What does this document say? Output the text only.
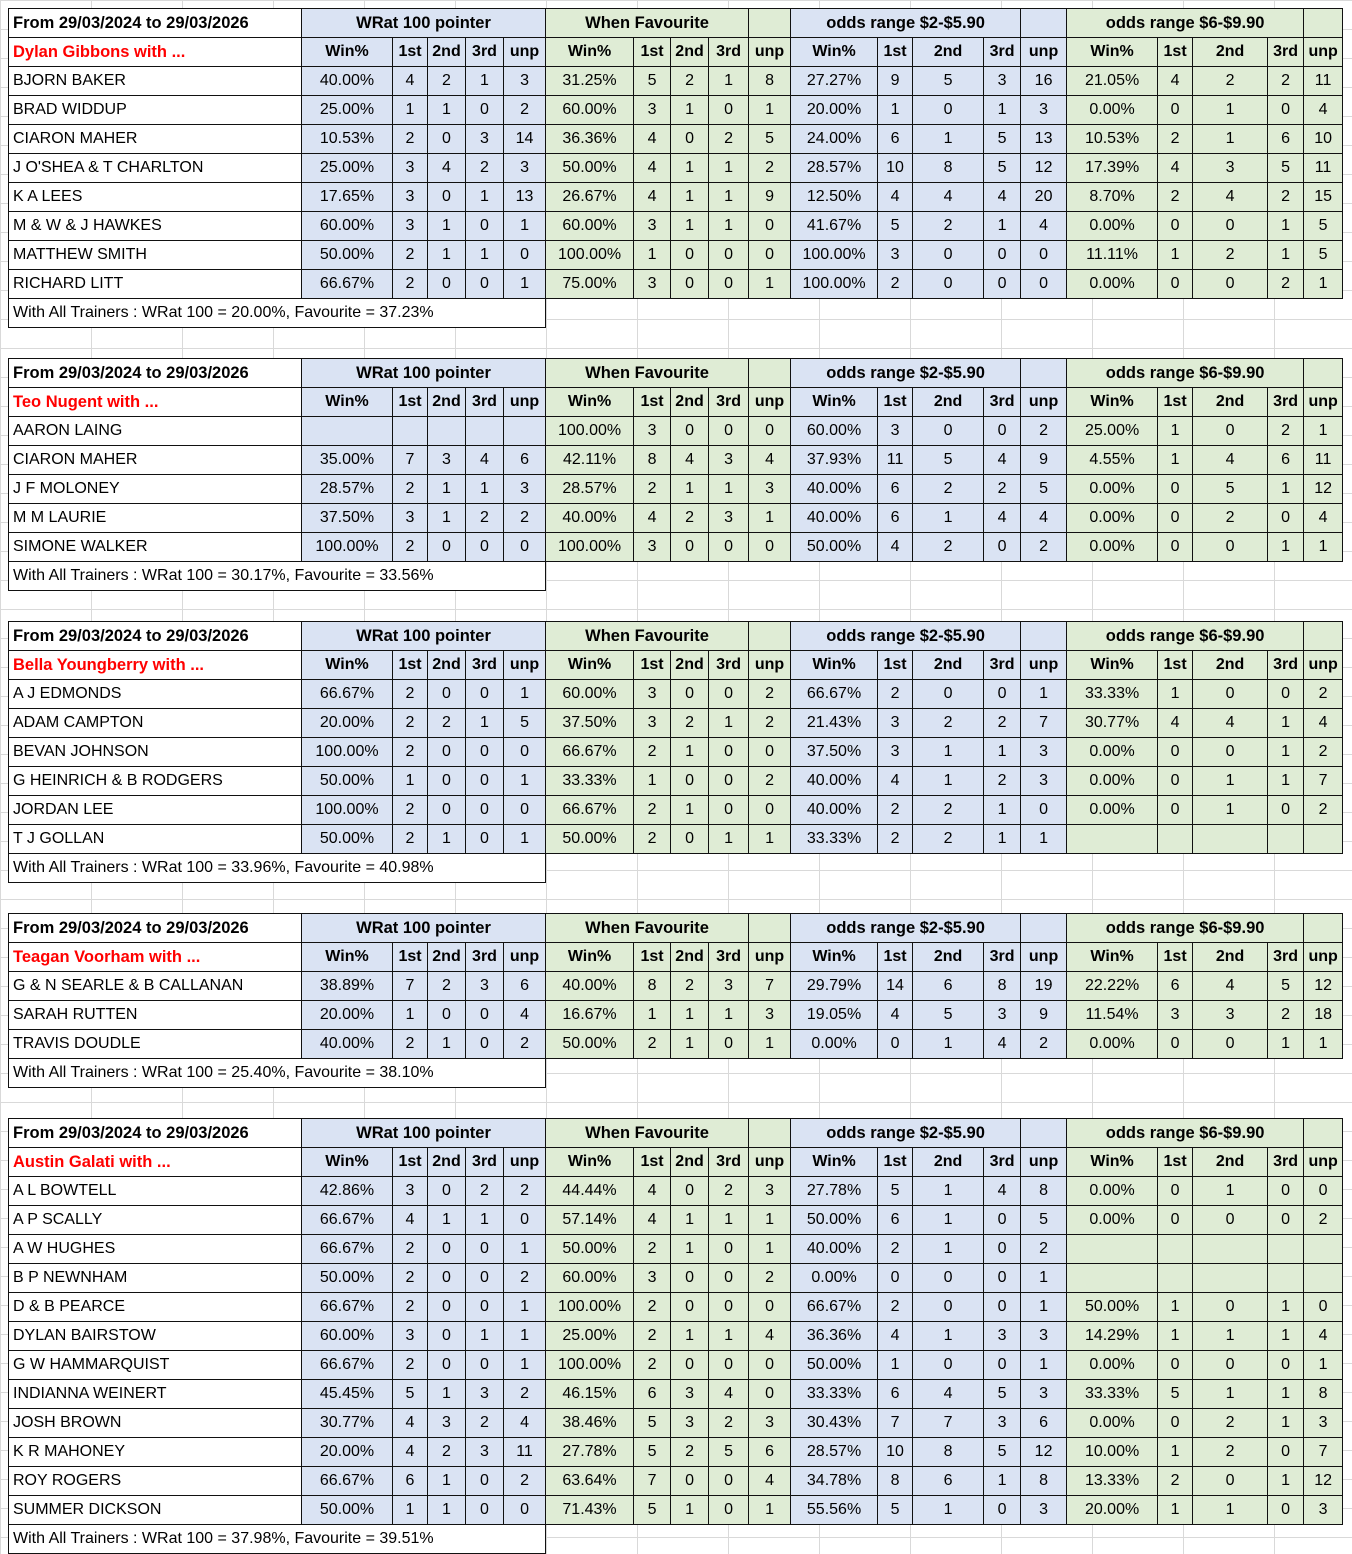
From 29/03/2024 to 29/03/2026	WRat 100 pointer					When Favourite					odds range $2-$5.90					odds range $6-$9.90				
Dylan Gibbons with ...	Win%	1st	2nd	3rd	unp	Win%	1st	2nd	3rd	unp	Win%	1st	2nd	3rd	unp	Win%	1st	2nd	3rd	unp
BJORN BAKER	40.00%	4	2	1	3	31.25%	5	2	1	8	27.27%	9	5	3	16	21.05%	4	2	2	11
BRAD WIDDUP	25.00%	1	1	0	2	60.00%	3	1	0	1	20.00%	1	0	1	3	0.00%	0	1	0	4
CIARON MAHER	10.53%	2	0	3	14	36.36%	4	0	2	5	24.00%	6	1	5	13	10.53%	2	1	6	10
J O'SHEA & T CHARLTON	25.00%	3	4	2	3	50.00%	4	1	1	2	28.57%	10	8	5	12	17.39%	4	3	5	11
K A LEES	17.65%	3	0	1	13	26.67%	4	1	1	9	12.50%	4	4	4	20	8.70%	2	4	2	15
M & W & J HAWKES	60.00%	3	1	0	1	60.00%	3	1	1	0	41.67%	5	2	1	4	0.00%	0	0	1	5
MATTHEW SMITH	50.00%	2	1	1	0	100.00%	1	0	0	0	100.00%	3	0	0	0	11.11%	1	2	1	5
RICHARD LITT	66.67%	2	0	0	1	75.00%	3	0	0	1	100.00%	2	0	0	0	0.00%	0	0	2	1
With All Trainers : WRat 100 = 20.00%, Favourite = 37.23%																				
From 29/03/2024 to 29/03/2026	WRat 100 pointer					When Favourite					odds range $2-$5.90					odds range $6-$9.90				
Teo Nugent with ...	Win%	1st	2nd	3rd	unp	Win%	1st	2nd	3rd	unp	Win%	1st	2nd	3rd	unp	Win%	1st	2nd	3rd	unp
AARON LAING						100.00%	3	0	0	0	60.00%	3	0	0	2	25.00%	1	0	2	1
CIARON MAHER	35.00%	7	3	4	6	42.11%	8	4	3	4	37.93%	11	5	4	9	4.55%	1	4	6	11
J F MOLONEY	28.57%	2	1	1	3	28.57%	2	1	1	3	40.00%	6	2	2	5	0.00%	0	5	1	12
M M LAURIE	37.50%	3	1	2	2	40.00%	4	2	3	1	40.00%	6	1	4	4	0.00%	0	2	0	4
SIMONE WALKER	100.00%	2	0	0	0	100.00%	3	0	0	0	50.00%	4	2	0	2	0.00%	0	0	1	1
With All Trainers : WRat 100 = 30.17%, Favourite = 33.56%																				
From 29/03/2024 to 29/03/2026	WRat 100 pointer					When Favourite					odds range $2-$5.90					odds range $6-$9.90				
Bella Youngberry with ...	Win%	1st	2nd	3rd	unp	Win%	1st	2nd	3rd	unp	Win%	1st	2nd	3rd	unp	Win%	1st	2nd	3rd	unp
A J EDMONDS	66.67%	2	0	0	1	60.00%	3	0	0	2	66.67%	2	0	0	1	33.33%	1	0	0	2
ADAM CAMPTON	20.00%	2	2	1	5	37.50%	3	2	1	2	21.43%	3	2	2	7	30.77%	4	4	1	4
BEVAN JOHNSON	100.00%	2	0	0	0	66.67%	2	1	0	0	37.50%	3	1	1	3	0.00%	0	0	1	2
G HEINRICH & B RODGERS	50.00%	1	0	0	1	33.33%	1	0	0	2	40.00%	4	1	2	3	0.00%	0	1	1	7
JORDAN LEE	100.00%	2	0	0	0	66.67%	2	1	0	0	40.00%	2	2	1	0	0.00%	0	1	0	2
T J GOLLAN	50.00%	2	1	0	1	50.00%	2	0	1	1	33.33%	2	2	1	1					
With All Trainers : WRat 100 = 33.96%, Favourite = 40.98%																				
From 29/03/2024 to 29/03/2026	WRat 100 pointer					When Favourite					odds range $2-$5.90					odds range $6-$9.90				
Teagan Voorham with ...	Win%	1st	2nd	3rd	unp	Win%	1st	2nd	3rd	unp	Win%	1st	2nd	3rd	unp	Win%	1st	2nd	3rd	unp
G & N SEARLE & B CALLANAN	38.89%	7	2	3	6	40.00%	8	2	3	7	29.79%	14	6	8	19	22.22%	6	4	5	12
SARAH RUTTEN	20.00%	1	0	0	4	16.67%	1	1	1	3	19.05%	4	5	3	9	11.54%	3	3	2	18
TRAVIS DOUDLE	40.00%	2	1	0	2	50.00%	2	1	0	1	0.00%	0	1	4	2	0.00%	0	0	1	1
With All Trainers : WRat 100 = 25.40%, Favourite = 38.10%																				
From 29/03/2024 to 29/03/2026	WRat 100 pointer					When Favourite					odds range $2-$5.90					odds range $6-$9.90				
Austin Galati with ...	Win%	1st	2nd	3rd	unp	Win%	1st	2nd	3rd	unp	Win%	1st	2nd	3rd	unp	Win%	1st	2nd	3rd	unp
A L BOWTELL	42.86%	3	0	2	2	44.44%	4	0	2	3	27.78%	5	1	4	8	0.00%	0	1	0	0
A P SCALLY	66.67%	4	1	1	0	57.14%	4	1	1	1	50.00%	6	1	0	5	0.00%	0	0	0	2
A W HUGHES	66.67%	2	0	0	1	50.00%	2	1	0	1	40.00%	2	1	0	2					
B P NEWNHAM	50.00%	2	0	0	2	60.00%	3	0	0	2	0.00%	0	0	0	1					
D & B PEARCE	66.67%	2	0	0	1	100.00%	2	0	0	0	66.67%	2	0	0	1	50.00%	1	0	1	0
DYLAN BAIRSTOW	60.00%	3	0	1	1	25.00%	2	1	1	4	36.36%	4	1	3	3	14.29%	1	1	1	4
G W HAMMARQUIST	66.67%	2	0	0	1	100.00%	2	0	0	0	50.00%	1	0	0	1	0.00%	0	0	0	1
INDIANNA WEINERT	45.45%	5	1	3	2	46.15%	6	3	4	0	33.33%	6	4	5	3	33.33%	5	1	1	8
JOSH BROWN	30.77%	4	3	2	4	38.46%	5	3	2	3	30.43%	7	7	3	6	0.00%	0	2	1	3
K R MAHONEY	20.00%	4	2	3	11	27.78%	5	2	5	6	28.57%	10	8	5	12	10.00%	1	2	0	7
ROY ROGERS	66.67%	6	1	0	2	63.64%	7	0	0	4	34.78%	8	6	1	8	13.33%	2	0	1	12
SUMMER DICKSON	50.00%	1	1	0	0	71.43%	5	1	0	1	55.56%	5	1	0	3	20.00%	1	1	0	3
With All Trainers : WRat 100 = 37.98%, Favourite = 39.51%																				
